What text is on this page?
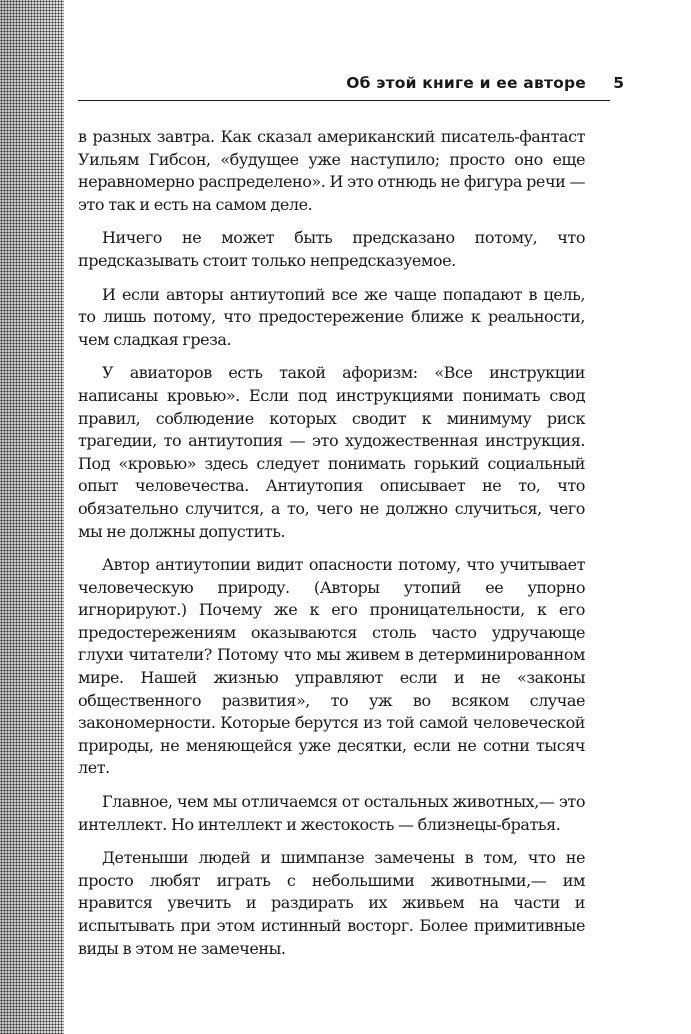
Об этой книге и ее авторе 5

в разных завтра. Как сказал американский писатель-фантаст Уильям Гибсон, «будущее уже наступило; просто оно еще неравномерно распределено». И это отнюдь не фигура речи — это так и есть на самом деле.

Ничего не может быть предсказано потому, что предсказывать стоит только непредсказуемое.

И если авторы антиутопий все же чаще попадают в цель, то лишь потому, что предостережение ближе к реальности, чем сладкая греза.

У авиаторов есть такой афоризм: «Все инструкции написаны кровью». Если под инструкциями понимать свод правил, соблюдение которых сводит к минимуму риск трагедии, то антиутопия — это художественная инструкция. Под «кровью» здесь следует понимать горький социальный опыт человечества. Антиутопия описывает не то, что обязательно случится, а то, чего не должно случиться, чего мы не должны допустить.

Автор антиутопии видит опасности потому, что учитывает человеческую природу. (Авторы утопий ее упорно игнорируют.) Почему же к его проницательности, к его предостережениям оказываются столь часто удручающе глухи читатели? Потому что мы живем в детерминированном мире. Нашей жизнью управляют если и не «законы общественного развития», то уж во всяком случае закономерности. Которые берутся из той самой человеческой природы, не меняющейся уже десятки, если не сотни тысяч лет.

Главное, чем мы отличаемся от остальных животных,— это интеллект. Но интеллект и жестокость — близнецы-братья.

Детеныши людей и шимпанзе замечены в том, что не просто любят играть с небольшими животными,— им нравится увечить и раздирать их живьем на части и испытывать при этом истинный восторг. Более примитивные виды в этом не замечены.
